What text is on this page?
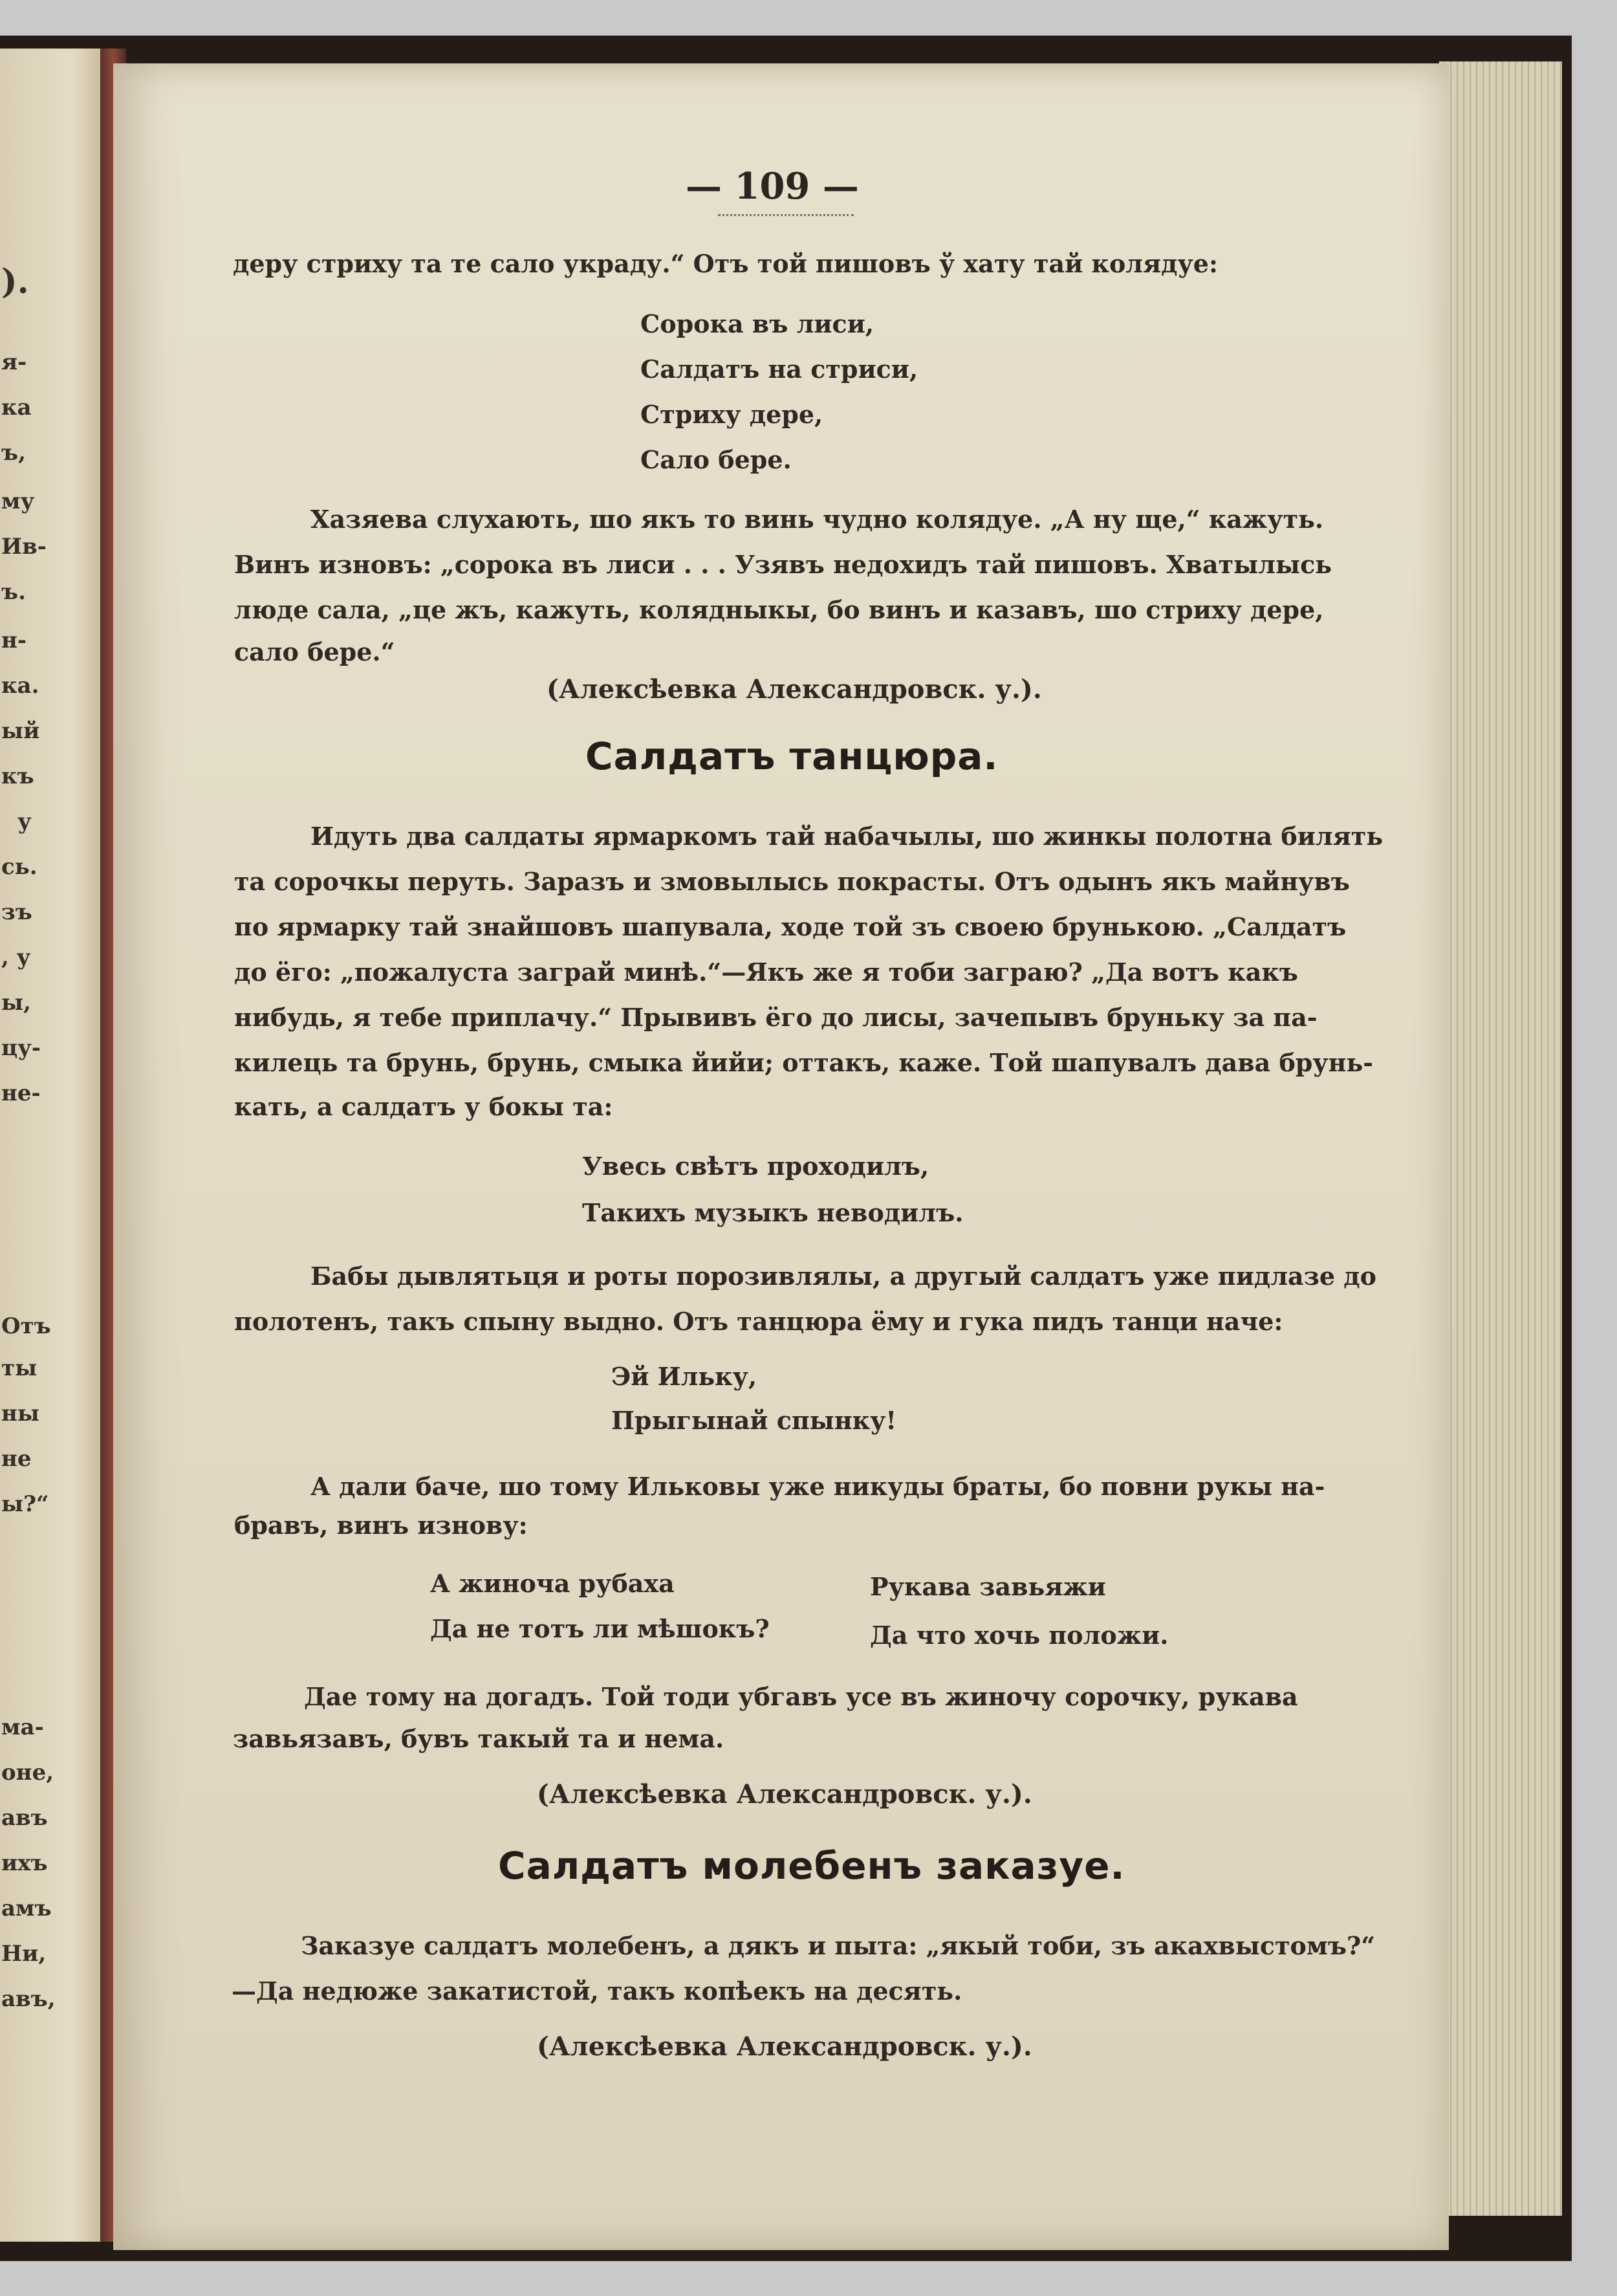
).
я-
ка
ъ,
му
Ив-
ъ.
н-
ка.
ый
къ
у
сь.
зъ
, у
ы,
цу-
не-
Отъ
ты
ны
не
ы?“
ма-
оне,
авъ
ихъ
амъ
Ни,
авъ,
— 109 —
деру стриху та те сало украду.“ Отъ той пишовъ ў хату тай колядуе:
Сорока въ лиси,
Салдатъ на стриси,
Стриху дере,
Сало бере.
Хазяева слухають, шо якъ то винь чудно колядуе. „А ну ще,“ кажуть.
Винъ изновъ: „сорока въ лиси . . . Узявъ недохидъ тай пишовъ. Хватылысь
люде сала, „це жъ, кажуть, колядныкы, бо винъ и казавъ, шо стриху дере,
сало бере.“
(Алексѣевка Александровск. у.).
Салдатъ танцюра.
Идуть два салдаты ярмаркомъ тай набачылы, шо жинкы полотна билять
та сорочкы перуть. Заразъ и змовылысь покрасты. Отъ одынъ якъ майнувъ
по ярмарку тай знайшовъ шапувала, ходе той зъ своею брунькою. „Салдатъ
до ёго: „пожалуста заграй минѣ.“—Якъ же я тоби заграю? „Да вотъ какъ
нибудь, я тебе приплачу.“ Прывивъ ёго до лисы, зачепывъ бруньку за па-
килець та брунь, брунь, смыка йийи; оттакъ, каже. Той шапувалъ дава брунь-
кать, а салдатъ у бокы та:
Увесь свѣтъ проходилъ,
Такихъ музыкъ неводилъ.
Бабы дывлятьця и роты порозивлялы, а другый салдатъ уже пидлазе до
полотенъ, такъ спыну выдно. Отъ танцюра ёму и гука пидъ танци наче:
Эй Ильку,
Прыгынай спынку!
А дали баче, шо тому Ильковы уже никуды браты, бо повни рукы на-
бравъ, винъ изнову:
А жиноча рубаха
Да не тотъ ли мѣшокъ?
Рукава завьяжи
Да что хочь положи.
Дае тому на догадъ. Той тоди убгавъ усе въ жиночу сорочку, рукава
завьязавъ, бувъ такый та и нема.
(Алексѣевка Александровск. у.).
Салдатъ молебенъ заказуе.
Заказуе салдатъ молебенъ, а дякъ и пыта: „якый тоби, зъ акахвыстомъ?“
—Да недюже закатистой, такъ копѣекъ на десять.
(Алексѣевка Александровск. у.).
